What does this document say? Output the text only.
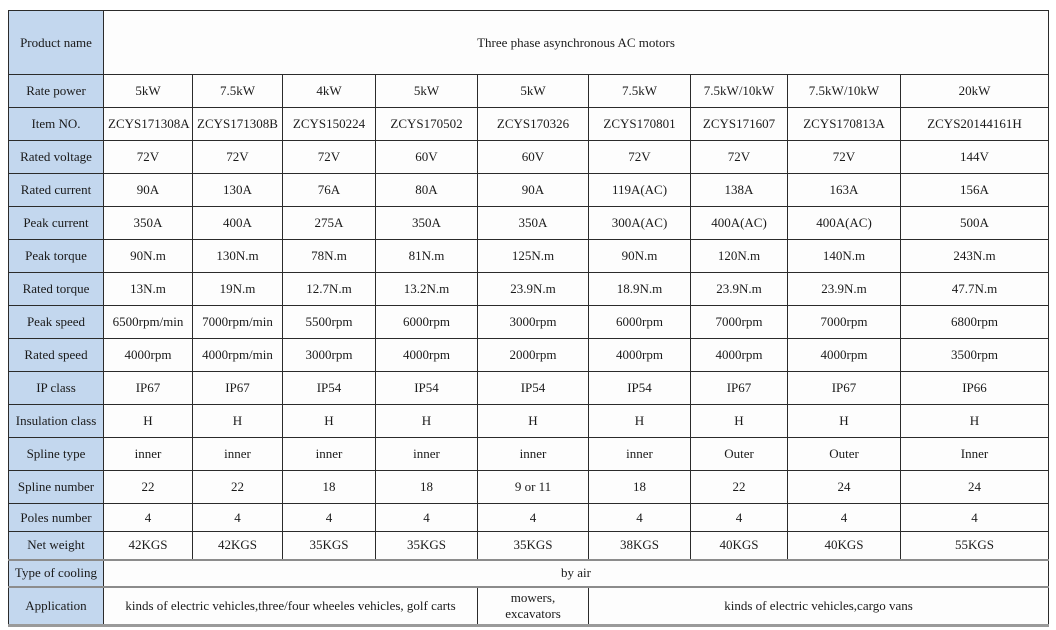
Product name	Three phase asynchronous AC motors								
Rate power	5kW	7.5kW	4kW	5kW	5kW	7.5kW	7.5kW/10kW	7.5kW/10kW	20kW
Item NO.	ZCYS171308A	ZCYS171308B	ZCYS150224	ZCYS170502	ZCYS170326	ZCYS170801	ZCYS171607	ZCYS170813A	ZCYS20144161H
Rated voltage	72V	72V	72V	60V	60V	72V	72V	72V	144V
Rated current	90A	130A	76A	80A	90A	119A(AC)	138A	163A	156A
Peak current	350A	400A	275A	350A	350A	300A(AC)	400A(AC)	400A(AC)	500A
Peak torque	90N.m	130N.m	78N.m	81N.m	125N.m	90N.m	120N.m	140N.m	243N.m
Rated torque	13N.m	19N.m	12.7N.m	13.2N.m	23.9N.m	18.9N.m	23.9N.m	23.9N.m	47.7N.m
Peak speed	6500rpm/min	7000rpm/min	5500rpm	6000rpm	3000rpm	6000rpm	7000rpm	7000rpm	6800rpm
Rated speed	4000rpm	4000rpm/min	3000rpm	4000rpm	2000rpm	4000rpm	4000rpm	4000rpm	3500rpm
IP class	IP67	IP67	IP54	IP54	IP54	IP54	IP67	IP67	IP66
Insulation class	H	H	H	H	H	H	H	H	H
Spline type	inner	inner	inner	inner	inner	inner	Outer	Outer	Inner
Spline number	22	22	18	18	9 or 11	18	22	24	24
Poles number	4	4	4	4	4	4	4	4	4
Net weight	42KGS	42KGS	35KGS	35KGS	35KGS	38KGS	40KGS	40KGS	55KGS
Type of cooling	by air								
Application	kinds of electric vehicles,three/four wheeles vehicles, golf carts				mowers, excavators	kinds of electric vehicles,cargo vans			
